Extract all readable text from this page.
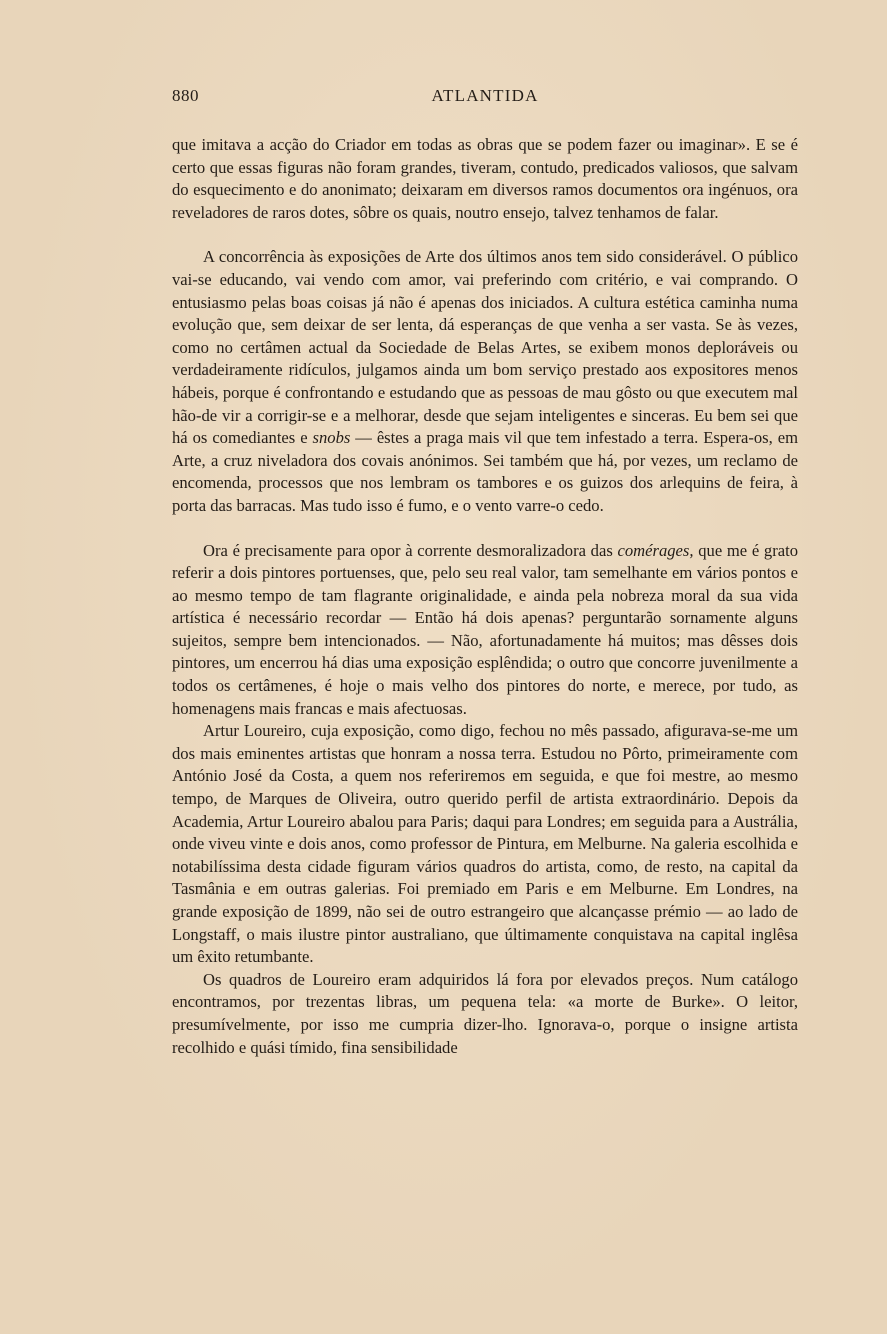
880	ATLANTIDA

que imitava a acção do Criador em todas as obras que se podem fazer ou imaginar». E se é certo que essas figuras não foram grandes, tiveram, contudo, predicados valiosos, que salvam do esquecimento e do anonimato; deixaram em diversos ramos documentos ora ingénuos, ora reveladores de raros dotes, sôbre os quais, noutro ensejo, talvez tenhamos de falar.

A concorrência às exposições de Arte dos últimos anos tem sido considerável. O público vai-se educando, vai vendo com amor, vai preferindo com critério, e vai comprando. O entusiasmo pelas boas coisas já não é apenas dos iniciados. A cultura estética caminha numa evolução que, sem deixar de ser lenta, dá esperanças de que venha a ser vasta. Se às vezes, como no certâmen actual da Sociedade de Belas Artes, se exibem monos deploráveis ou verdadeiramente ridículos, julgamos ainda um bom serviço prestado aos expositores menos hábeis, porque é confrontando e estudando que as pessoas de mau gôsto ou que executem mal hão-de vir a corrigir-se e a melhorar, desde que sejam inteligentes e sinceras. Eu bem sei que há os comediantes e snobs — êstes a praga mais vil que tem infestado a terra. Espera-os, em Arte, a cruz niveladora dos covais anónimos. Sei também que há, por vezes, um reclamo de encomenda, processos que nos lembram os tambores e os guizos dos arlequins de feira, à porta das barracas. Mas tudo isso é fumo, e o vento varre-o cedo.

Ora é precisamente para opor à corrente desmoralizadora das comérages, que me é grato referir a dois pintores portuenses, que, pelo seu real valor, tam semelhante em vários pontos e ao mesmo tempo de tam flagrante originalidade, e ainda pela nobreza moral da sua vida artística é necessário recordar — Então há dois apenas? perguntarão sornamente alguns sujeitos, sempre bem intencionados. — Não, afortunadamente há muitos; mas dêsses dois pintores, um encerrou há dias uma exposição esplêndida; o outro que concorre juvenilmente a todos os certâmenes, é hoje o mais velho dos pintores do norte, e merece, por tudo, as homenagens mais francas e mais afectuosas.

Artur Loureiro, cuja exposição, como digo, fechou no mês passado, afigurava-se-me um dos mais eminentes artistas que honram a nossa terra. Estudou no Pôrto, primeiramente com António José da Costa, a quem nos referiremos em seguida, e que foi mestre, ao mesmo tempo, de Marques de Oliveira, outro querido perfil de artista extraordinário. Depois da Academia, Artur Loureiro abalou para Paris; daqui para Londres; em seguida para a Austrália, onde viveu vinte e dois anos, como professor de Pintura, em Melburne. Na galeria escolhida e notabilíssima desta cidade figuram vários quadros do artista, como, de resto, na capital da Tasmânia e em outras galerias. Foi premiado em Paris e em Melburne. Em Londres, na grande exposição de 1899, não sei de outro estrangeiro que alcançasse prémio — ao lado de Longstaff, o mais ilustre pintor australiano, que últimamente conquistava na capital inglêsa um êxito retumbante.

Os quadros de Loureiro eram adquiridos lá fora por elevados preços. Num catálogo encontramos, por trezentas libras, um pequena tela: «a morte de Burke». O leitor, presumívelmente, por isso me cumpria dizer-lho. Ignorava-o, porque o insigne artista recolhido e quási tímido, fina sensibilidade
